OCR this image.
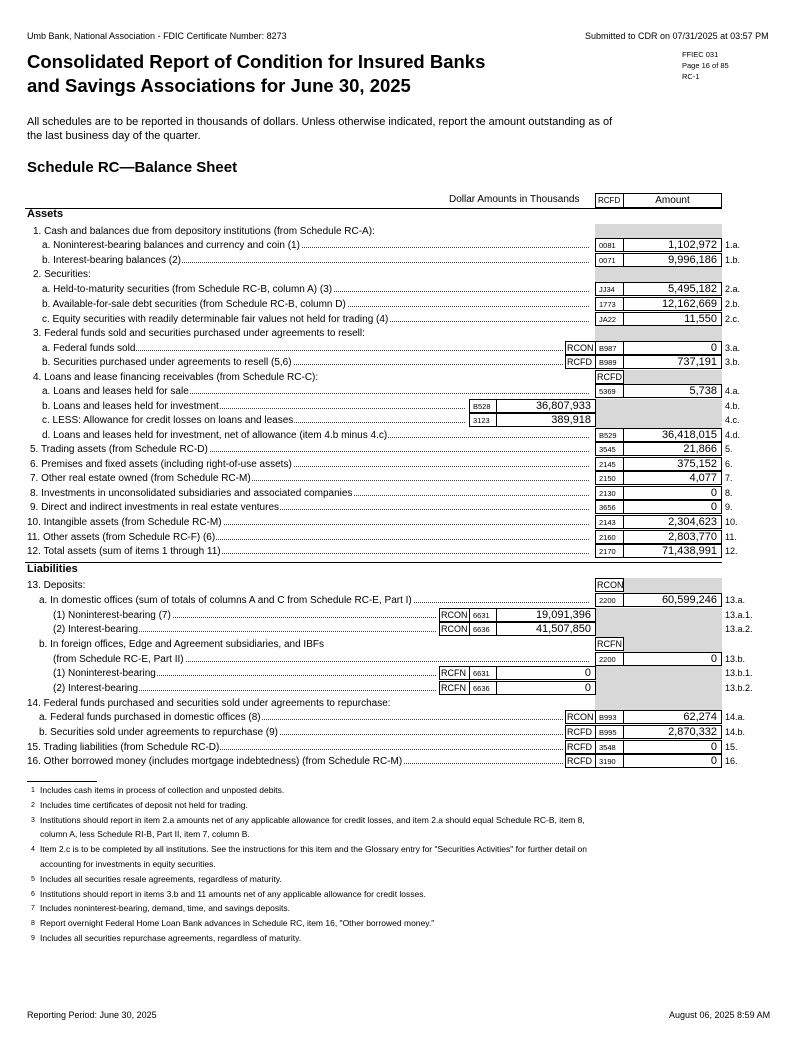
Umb Bank, National Association - FDIC Certificate Number: 8273	Submitted to CDR on 07/31/2025 at 03:57 PM
Consolidated Report of Condition for Insured Banks
and Savings Associations for June 30, 2025
FFIEC 031
Page 16 of 85
RC-1
All schedules are to be reported in thousands of dollars. Unless otherwise indicated, report the amount outstanding as of
the last business day of the quarter.
Schedule RC—Balance Sheet
Dollar Amounts in Thousands	RCFD	Amount
Assets
Liabilities
1. Cash and balances due from depository institutions (from Schedule RC-A):
a. Noninterest-bearing balances and currency and coin (1)	0081	1,102,972 1.a.
b. Interest-bearing balances (2)	0071	9,996,186 1.b.
2. Securities:
a. Held-to-maturity securities (from Schedule RC-B, column A) (3)	JJ34	5,495,182 2.a.
b. Available-for-sale debt securities (from Schedule RC-B, column D)	1773	12,162,669 2.b.
c. Equity securities with readily determinable fair values not held for trading (4)	JA22	11,550 2.c.
3. Federal funds sold and securities purchased under agreements to resell:
a. Federal funds sold	RCON B987	0 3.a.
b. Securities purchased under agreements to resell (5,6)	RCFD B989	737,191 3.b.
4. Loans and lease financing receivables (from Schedule RC-C):	RCFD
a. Loans and leases held for sale	5369	5,738 4.a.
b. Loans and leases held for investment	B528	36,807,933	4.b.
c. LESS: Allowance for credit losses on loans and leases	3123	389,918	4.c.
d. Loans and leases held for investment, net of allowance (item 4.b minus 4.c)	B529	36,418,015 4.d.
5. Trading assets (from Schedule RC-D)	3545	21,866 5.
6. Premises and fixed assets (including right-of-use assets)	2145	375,152 6.
7. Other real estate owned (from Schedule RC-M)	2150	4,077 7.
8. Investments in unconsolidated subsidiaries and associated companies	2130	0 8.
9. Direct and indirect investments in real estate ventures	3656	0 9.
10. Intangible assets (from Schedule RC-M)	2143	2,304,623 10.
11. Other assets (from Schedule RC-F) (6)	2160	2,803,770 11.
12. Total assets (sum of items 1 through 11)	2170	71,438,991 12.
13. Deposits:	RCON
a. In domestic offices (sum of totals of columns A and C from Schedule RC-E, Part I)	2200	60,599,246 13.a.
(1) Noninterest-bearing (7)	RCON 6631	19,091,396	13.a.1.
(2) Interest-bearing	RCON 6636	41,507,850	13.a.2.
b. In foreign offices, Edge and Agreement subsidiaries, and IBFs	RCFN
(from Schedule RC-E, Part II)	2200	0 13.b.
(1) Noninterest-bearing	RCFN 6631	0	13.b.1.
(2) Interest-bearing	RCFN 6636	0	13.b.2.
14. Federal funds purchased and securities sold under agreements to repurchase:
a. Federal funds purchased in domestic offices (8)	RCON B993	62,274 14.a.
b. Securities sold under agreements to repurchase (9)	RCFD B995	2,870,332 14.b.
15. Trading liabilities (from Schedule RC-D)	RCFD 3548	0 15.
16. Other borrowed money (includes mortgage indebtedness) (from Schedule RC-M)	RCFD 3190	0 16.
1 Includes cash items in process of collection and unposted debits.
2 Includes time certificates of deposit not held for trading.
3 Institutions should report in item 2.a amounts net of any applicable allowance for credit losses, and item 2.a should equal Schedule RC-B, item 8,
column A, less Schedule RI-B, Part II, item 7, column B.
4 Item 2.c is to be completed by all institutions. See the instructions for this item and the Glossary entry for "Securities Activities" for further detail on
accounting for investments in equity securities.
5 Includes all securities resale agreements, regardless of maturity.
6 Institutions should report in items 3.b and 11 amounts net of any applicable allowance for credit losses.
7 Includes noninterest-bearing, demand, time, and savings deposits.
8 Report overnight Federal Home Loan Bank advances in Schedule RC, item 16, "Other borrowed money."
9 Includes all securities repurchase agreements, regardless of maturity.
Reporting Period: June 30, 2025	August 06, 2025 8:59 AM
